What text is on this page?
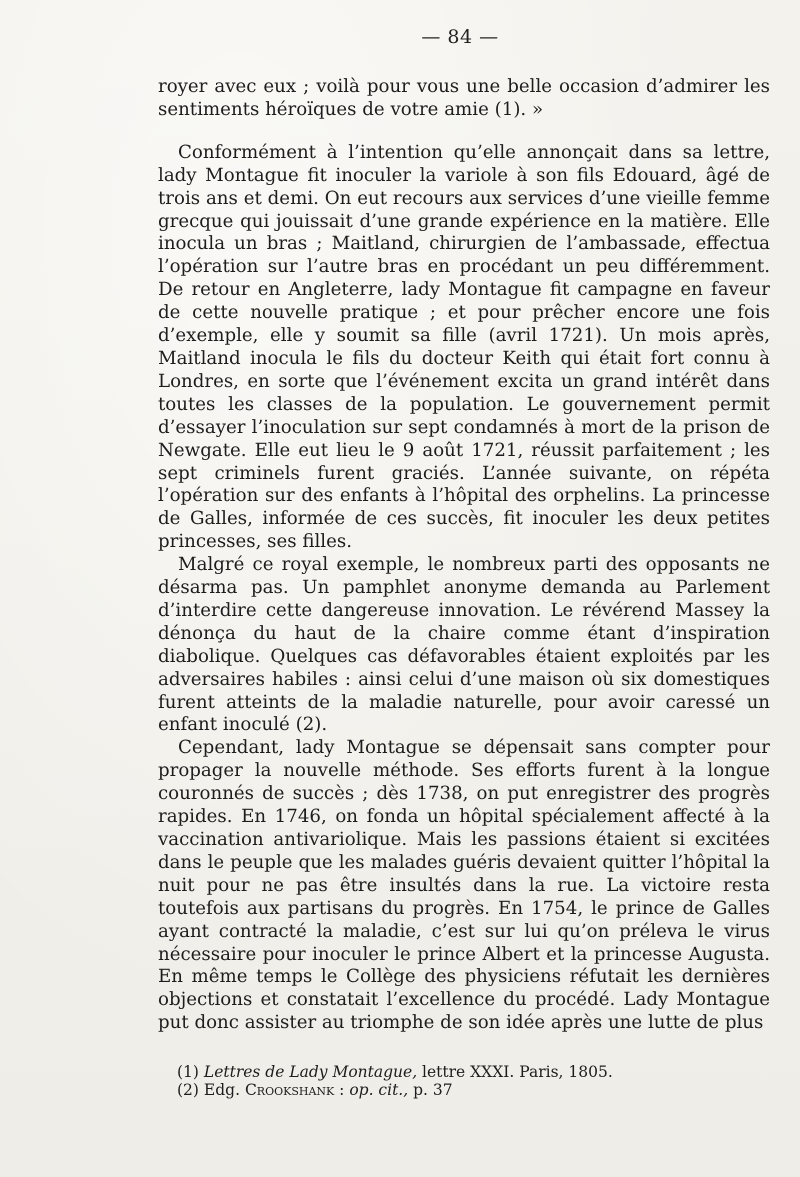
— 84 —

royer avec eux ; voilà pour vous une belle occasion d’admirer les sentiments héroïques de votre amie (1). »

Conformément à l’intention qu’elle annonçait dans sa lettre, lady Montague fit inoculer la variole à son fils Edouard, âgé de trois ans et demi. On eut recours aux services d’une vieille femme grecque qui jouissait d’une grande expérience en la matière. Elle inocula un bras ; Maitland, chirurgien de l’ambassade, effectua l’opération sur l’autre bras en procédant un peu différemment. De retour en Angleterre, lady Montague fit campagne en faveur de cette nouvelle pratique ; et pour prêcher encore une fois d’exemple, elle y soumit sa fille (avril 1721). Un mois après, Maitland inocula le fils du docteur Keith qui était fort connu à Londres, en sorte que l’événement excita un grand intérêt dans toutes les classes de la population. Le gouvernement permit d’essayer l’inoculation sur sept condamnés à mort de la prison de Newgate. Elle eut lieu le 9 août 1721, réussit parfaitement ; les sept criminels furent graciés. L’année suivante, on répéta l’opération sur des enfants à l’hôpital des orphelins. La princesse de Galles, informée de ces succès, fit inoculer les deux petites princesses, ses filles.

Malgré ce royal exemple, le nombreux parti des opposants ne désarma pas. Un pamphlet anonyme demanda au Parlement d’interdire cette dangereuse innovation. Le révérend Massey la dénonça du haut de la chaire comme étant d’inspiration diabolique. Quelques cas défavorables étaient exploités par les adversaires habiles : ainsi celui d’une maison où six domestiques furent atteints de la maladie naturelle, pour avoir caressé un enfant inoculé (2).

Cependant, lady Montague se dépensait sans compter pour propager la nouvelle méthode. Ses efforts furent à la longue couronnés de succès ; dès 1738, on put enregistrer des progrès rapides. En 1746, on fonda un hôpital spécialement affecté à la vaccination antivariolique. Mais les passions étaient si excitées dans le peuple que les malades guéris devaient quitter l’hôpital la nuit pour ne pas être insultés dans la rue. La victoire resta toutefois aux partisans du progrès. En 1754, le prince de Galles ayant contracté la maladie, c’est sur lui qu’on préleva le virus nécessaire pour inoculer le prince Albert et la princesse Augusta. En même temps le Collège des physiciens réfutait les dernières objections et constatait l’excellence du procédé. Lady Montague put donc assister au triomphe de son idée après une lutte de plus

(1) Lettres de Lady Montague, lettre XXXI. Paris, 1805.

(2) Edg. Crookshank : op. cit., p. 37
